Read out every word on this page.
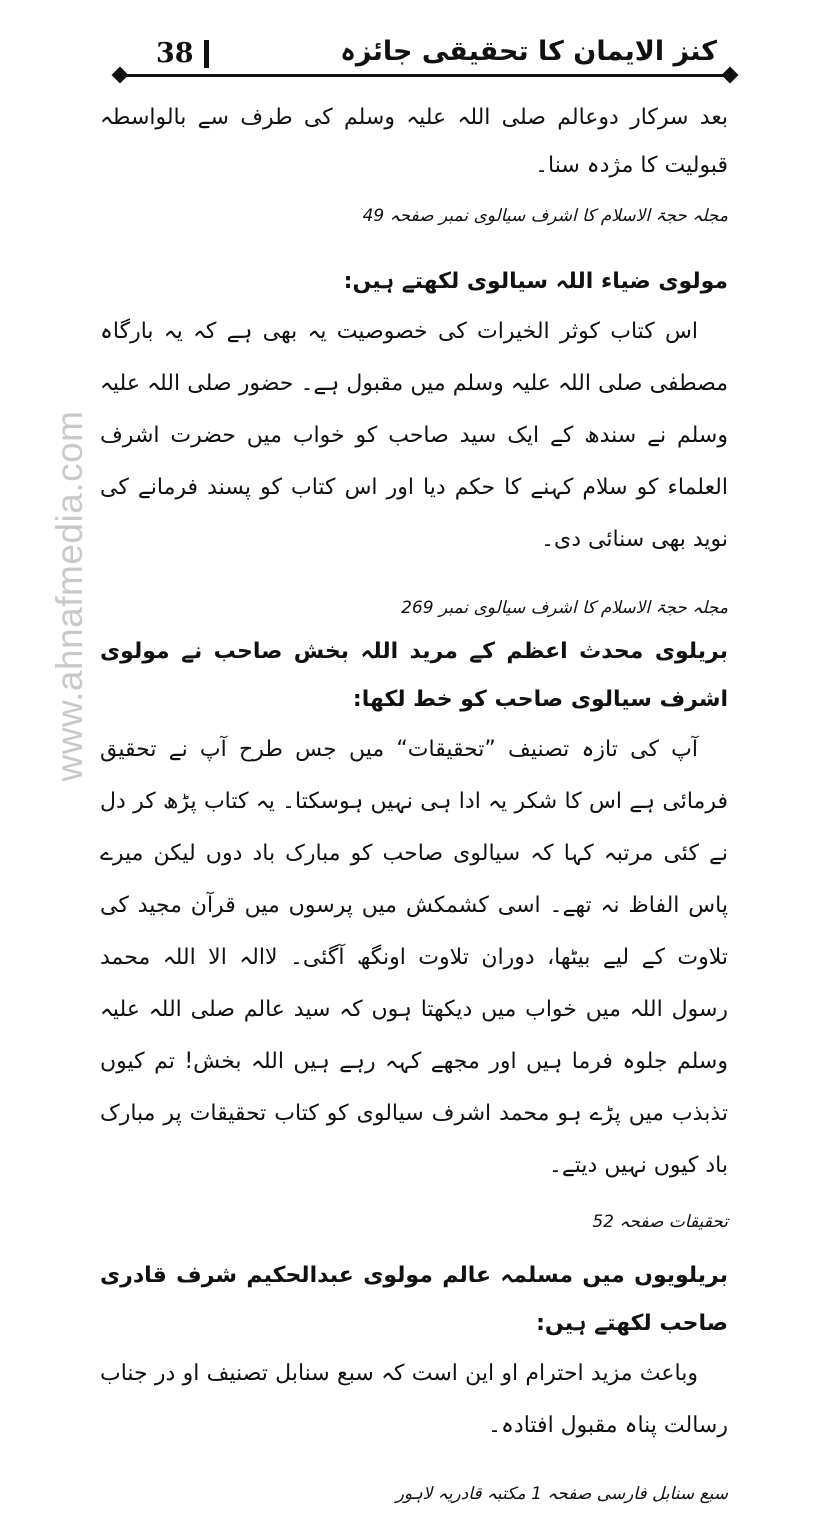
www.ahnafmedia.com
کنز الایمان کا تحقیقی جائزہ
38

بعد سرکار دوعالم صلی اللہ علیہ وسلم کی طرف سے بالواسطہ قبولیت کا مژدہ سنا۔

مجلہ حجۃ الاسلام کا اشرف سیالوی نمبر صفحہ 49

مولوی ضیاء اللہ سیالوی لکھتے ہیں:

اس کتاب کوثر الخیرات کی خصوصیت یہ بھی ہے کہ یہ بارگاہ مصطفی صلی اللہ علیہ وسلم میں مقبول ہے۔ حضور صلی اللہ علیہ وسلم نے سندھ کے ایک سید صاحب کو خواب میں حضرت اشرف العلماء کو سلام کہنے کا حکم دیا اور اس کتاب کو پسند فرمانے کی نوید بھی سنائی دی۔

مجلہ حجۃ الاسلام کا اشرف سیالوی نمبر 269

بریلوی محدث اعظم کے مرید اللہ بخش صاحب نے مولوی اشرف سیالوی صاحب کو خط لکھا:

آپ کی تازہ تصنیف ”تحقیقات“ میں جس طرح آپ نے تحقیق فرمائی ہے اس کا شکر یہ ادا ہی نہیں ہوسکتا۔ یہ کتاب پڑھ کر دل نے کئی مرتبہ کہا کہ سیالوی صاحب کو مبارک باد دوں لیکن میرے پاس الفاظ نہ تھے۔ اسی کشمکش میں پرسوں میں قرآن مجید کی تلاوت کے لیے بیٹھا، دوران تلاوت اونگھ آگئی۔ لاالہ الا اللہ محمد رسول اللہ میں خواب میں دیکھتا ہوں کہ سید عالم صلی اللہ علیہ وسلم جلوہ فرما ہیں اور مجھے کہہ رہے ہیں اللہ بخش! تم کیوں تذبذب میں پڑے ہو محمد اشرف سیالوی کو کتاب تحقیقات پر مبارک باد کیوں نہیں دیتے۔

تحقیقات صفحہ 52

بریلویوں میں مسلمہ عالم مولوی عبدالحکیم شرف قادری صاحب لکھتے ہیں:

وباعث مزید احترام او این است کہ سبع سنابل تصنیف او در جناب رسالت پناہ مقبول افتادہ۔

سبع سنابل فارسی صفحہ 1 مکتبہ قادریہ لاہور
